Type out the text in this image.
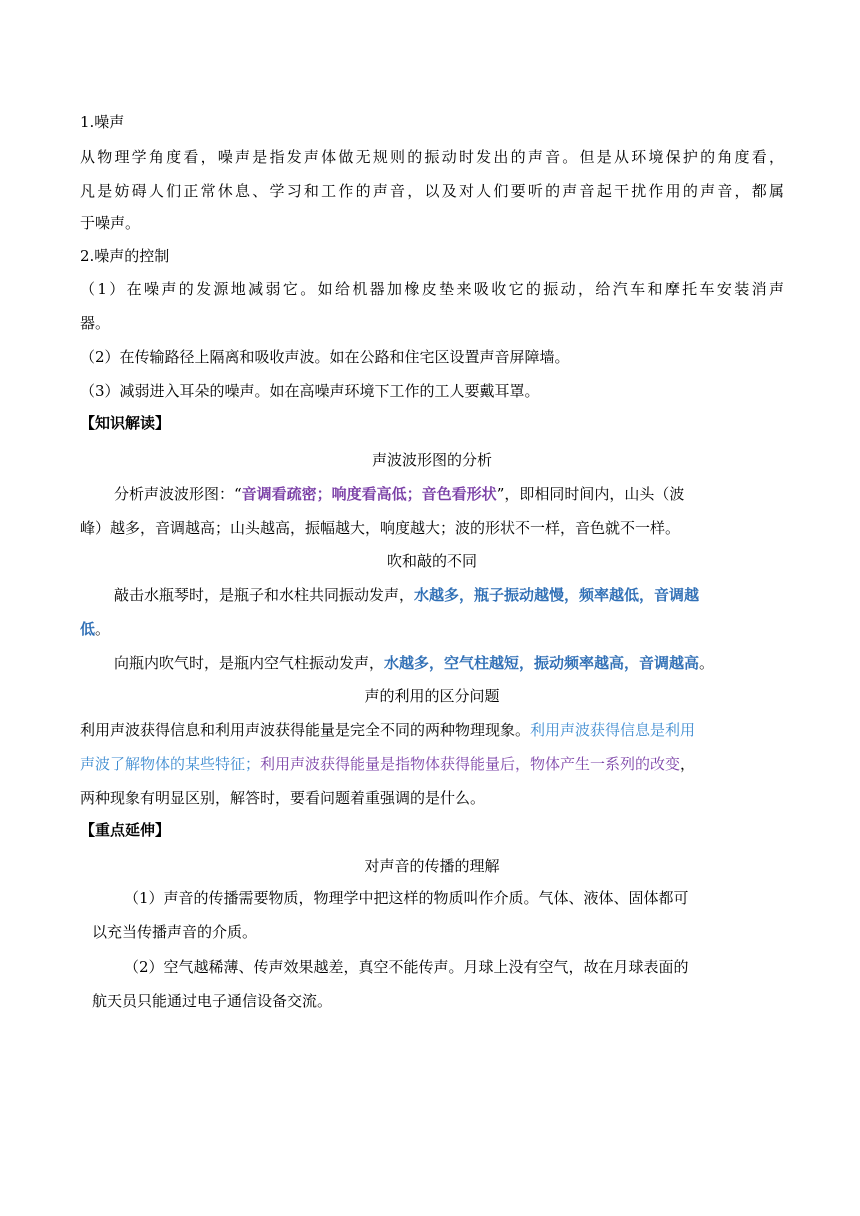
1.噪声
从物理学角度看，噪声是指发声体做无规则的振动时发出的声音。但是从环境保护的角度看，
凡是妨碍人们正常休息、学习和工作的声音，以及对人们要听的声音起干扰作用的声音，都属
于噪声。
2.噪声的控制
（1）在噪声的发源地减弱它。如给机器加橡皮垫来吸收它的振动，给汽车和摩托车安装消声
器。
（2）在传输路径上隔离和吸收声波。如在公路和住宅区设置声音屏障墙。
（3）减弱进入耳朵的噪声。如在高噪声环境下工作的工人要戴耳罩。
【知识解读】
声波波形图的分析
分析声波波形图：“音调看疏密；响度看高低；音色看形状”，即相同时间内，山头（波
峰）越多，音调越高；山头越高，振幅越大，响度越大；波的形状不一样，音色就不一样。
吹和敲的不同
敲击水瓶琴时，是瓶子和水柱共同振动发声，水越多，瓶子振动越慢，频率越低，音调越
低。
向瓶内吹气时，是瓶内空气柱振动发声，水越多，空气柱越短，振动频率越高，音调越高。
声的利用的区分问题
利用声波获得信息和利用声波获得能量是完全不同的两种物理现象。利用声波获得信息是利用
声波了解物体的某些特征；利用声波获得能量是指物体获得能量后，物体产生一系列的改变，
两种现象有明显区别，解答时，要看问题着重强调的是什么。
【重点延伸】
对声音的传播的理解
（1）声音的传播需要物质，物理学中把这样的物质叫作介质。气体、液体、固体都可
以充当传播声音的介质。
（2）空气越稀薄、传声效果越差，真空不能传声。月球上没有空气，故在月球表面的
航天员只能通过电子通信设备交流。
